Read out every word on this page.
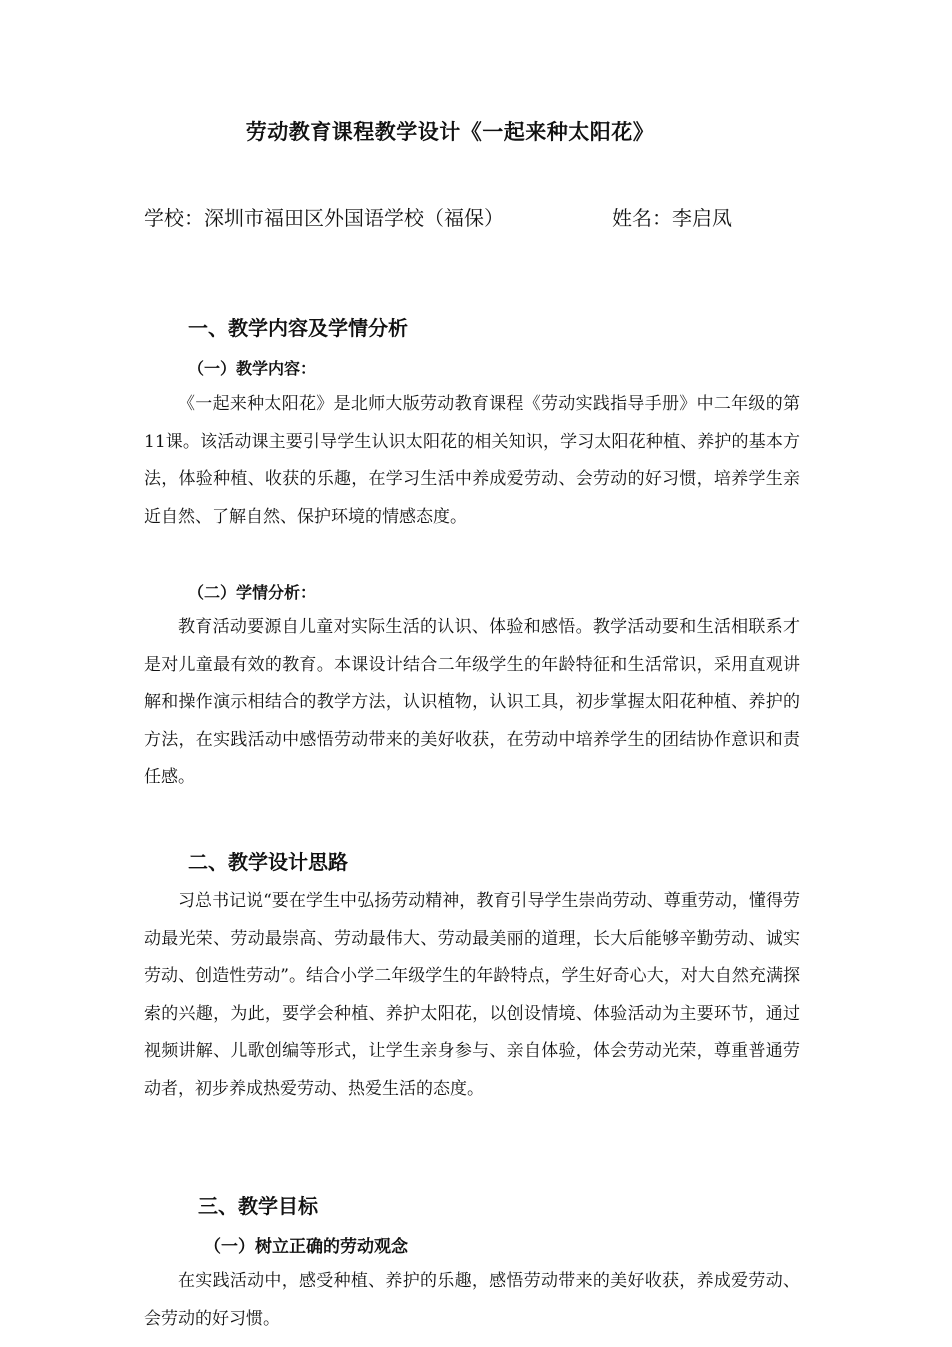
劳动教育课程教学设计《一起来种太阳花》
学校：深圳市福田区外国语学校（福保）	姓名：李启凤
一、教学内容及学情分析
（一）教学内容：

《一起来种太阳花》是北师大版劳动教育课程《劳动实践指导手册》中二年级的第11课。该活动课主要引导学生认识太阳花的相关知识，学习太阳花种植、养护的基本方法，体验种植、收获的乐趣，在学习生活中养成爱劳动、会劳动的好习惯，培养学生亲近自然、了解自然、保护环境的情感态度。

（二）学情分析：

教育活动要源自儿童对实际生活的认识、体验和感悟。教学活动要和生活相联系才是对儿童最有效的教育。本课设计结合二年级学生的年龄特征和生活常识，采用直观讲解和操作演示相结合的教学方法，认识植物，认识工具，初步掌握太阳花种植、养护的方法，在实践活动中感悟劳动带来的美好收获，在劳动中培养学生的团结协作意识和责任感。

二、教学设计思路

习总书记说“要在学生中弘扬劳动精神，教育引导学生崇尚劳动、尊重劳动，懂得劳动最光荣、劳动最崇高、劳动最伟大、劳动最美丽的道理，长大后能够辛勤劳动、诚实劳动、创造性劳动”。结合小学二年级学生的年龄特点，学生好奇心大，对大自然充满探索的兴趣，为此，要学会种植、养护太阳花，以创设情境、体验活动为主要环节，通过视频讲解、儿歌创编等形式，让学生亲身参与、亲自体验，体会劳动光荣，尊重普通劳动者，初步养成热爱劳动、热爱生活的态度。

三、教学目标
（一）树立正确的劳动观念

在实践活动中，感受种植、养护的乐趣，感悟劳动带来的美好收获，养成爱劳动、会劳动的好习惯。
